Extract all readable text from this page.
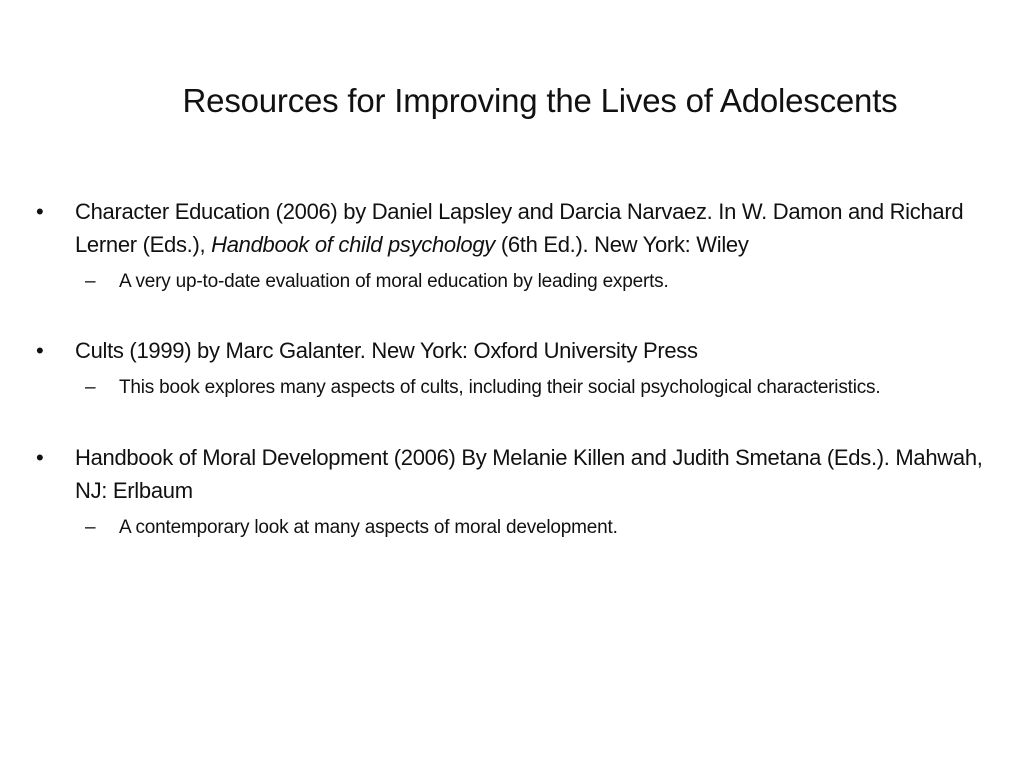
Resources for Improving the Lives of Adolescents
•	Character Education (2006) by Daniel Lapsley and Darcia Narvaez. In W. Damon and Richard Lerner (Eds.), Handbook of child psychology (6th Ed.). New York: Wiley
–	A very up-to-date evaluation of moral education by leading experts.
•	Cults (1999) by Marc Galanter. New York: Oxford University Press
–	This book explores many aspects of cults, including their social psychological characteristics.
•	Handbook of Moral Development (2006) By Melanie Killen and Judith Smetana (Eds.). Mahwah, NJ: Erlbaum
–	A contemporary look at many aspects of moral development.
